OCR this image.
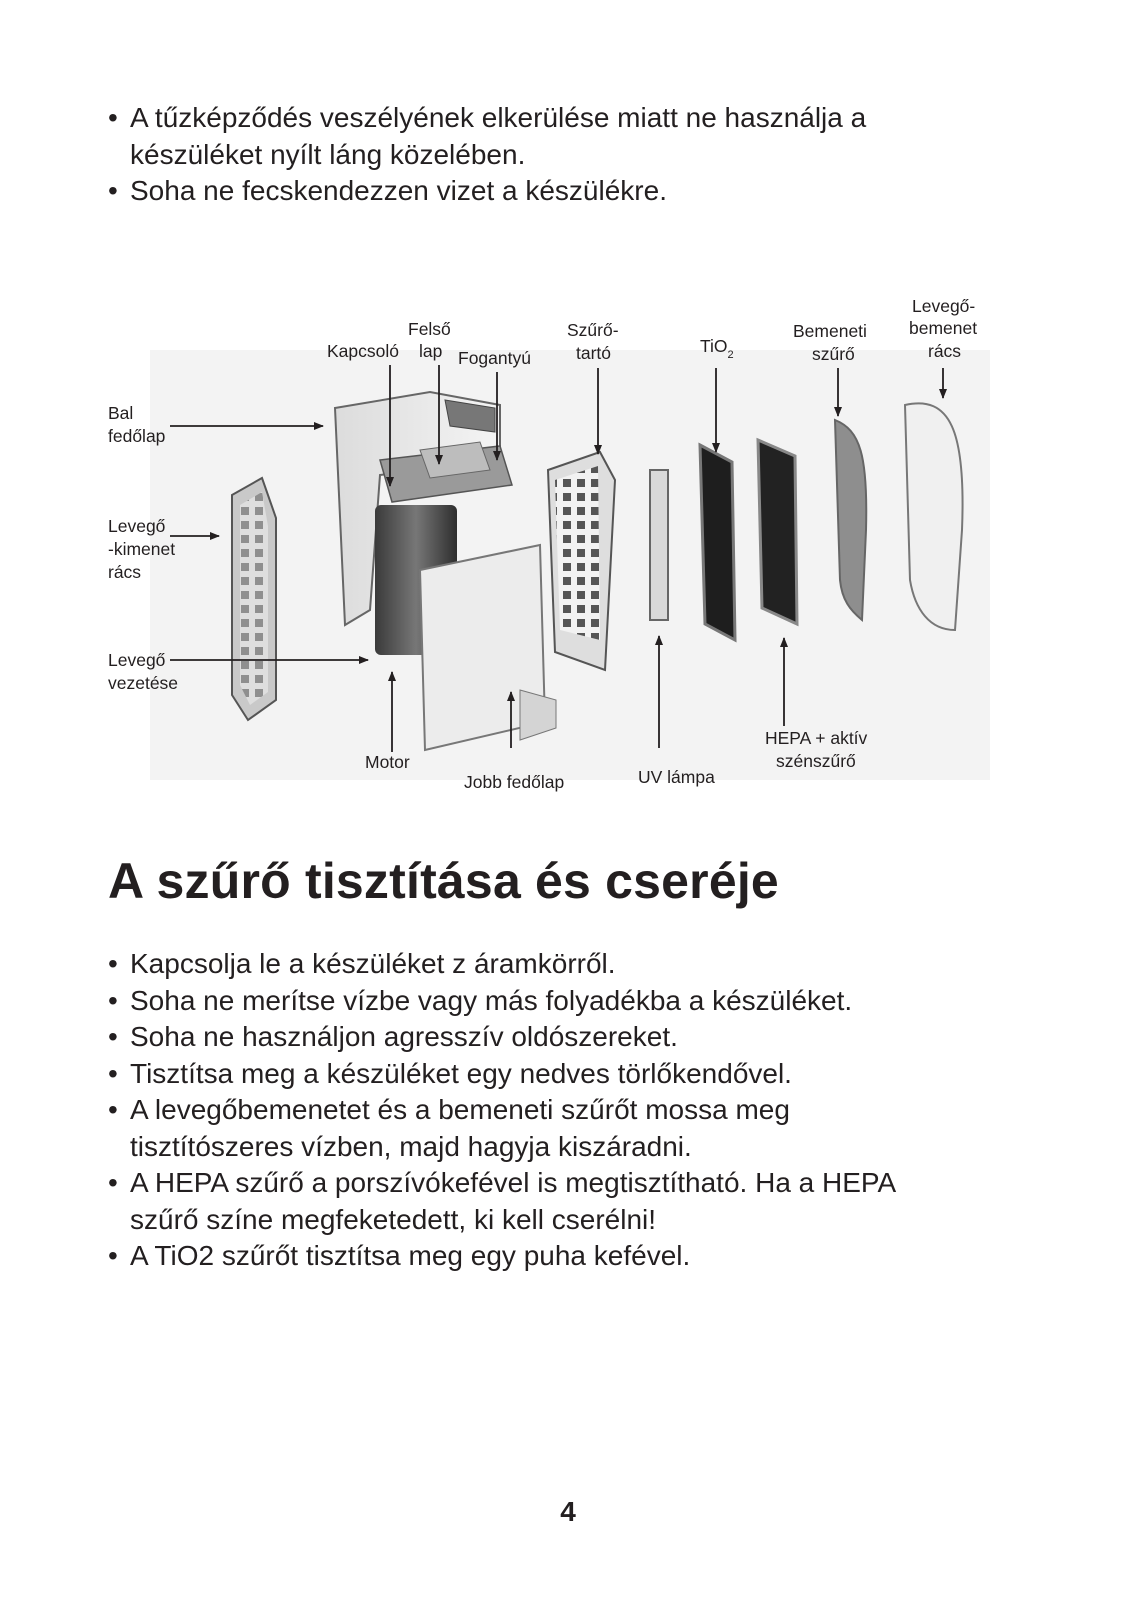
• A tűzképződés veszélyének elkerülése miatt ne használja a
készüléket nyílt láng közelében.
• Soha ne fecskendezzen vizet a készülékre.
Kapcsoló
Felső
lap Fogantyú
Szűrő-
tartó	TiO$_2$
Bemeneti
szűrő
Levegő-
bemenet
rács
Bal
fedőlap
Levegő
-kimenet
rács
Levegő
vezetése
Motor
Jobb fedőlap	UV lámpa
HEPA + aktív
szénszűrő
A szűrő tisztítása és cseréje
• Kapcsolja le a készüléket z áramkörről.
• Soha ne merítse vízbe vagy más folyadékba a készüléket.
• Soha ne használjon agresszív oldószereket.
• Tisztítsa meg a készüléket egy nedves törlőkendővel.
• A levegőbemenetet és a bemeneti szűrőt mossa meg
tisztítószeres vízben, majd hagyja kiszáradni.
• A HEPA szűrő a porszívókefével is megtisztítható. Ha a HEPA
szűrő színe megfeketedett, ki kell cserélni!
• A TiO2 szűrőt tisztítsa meg egy puha kefével.
4
